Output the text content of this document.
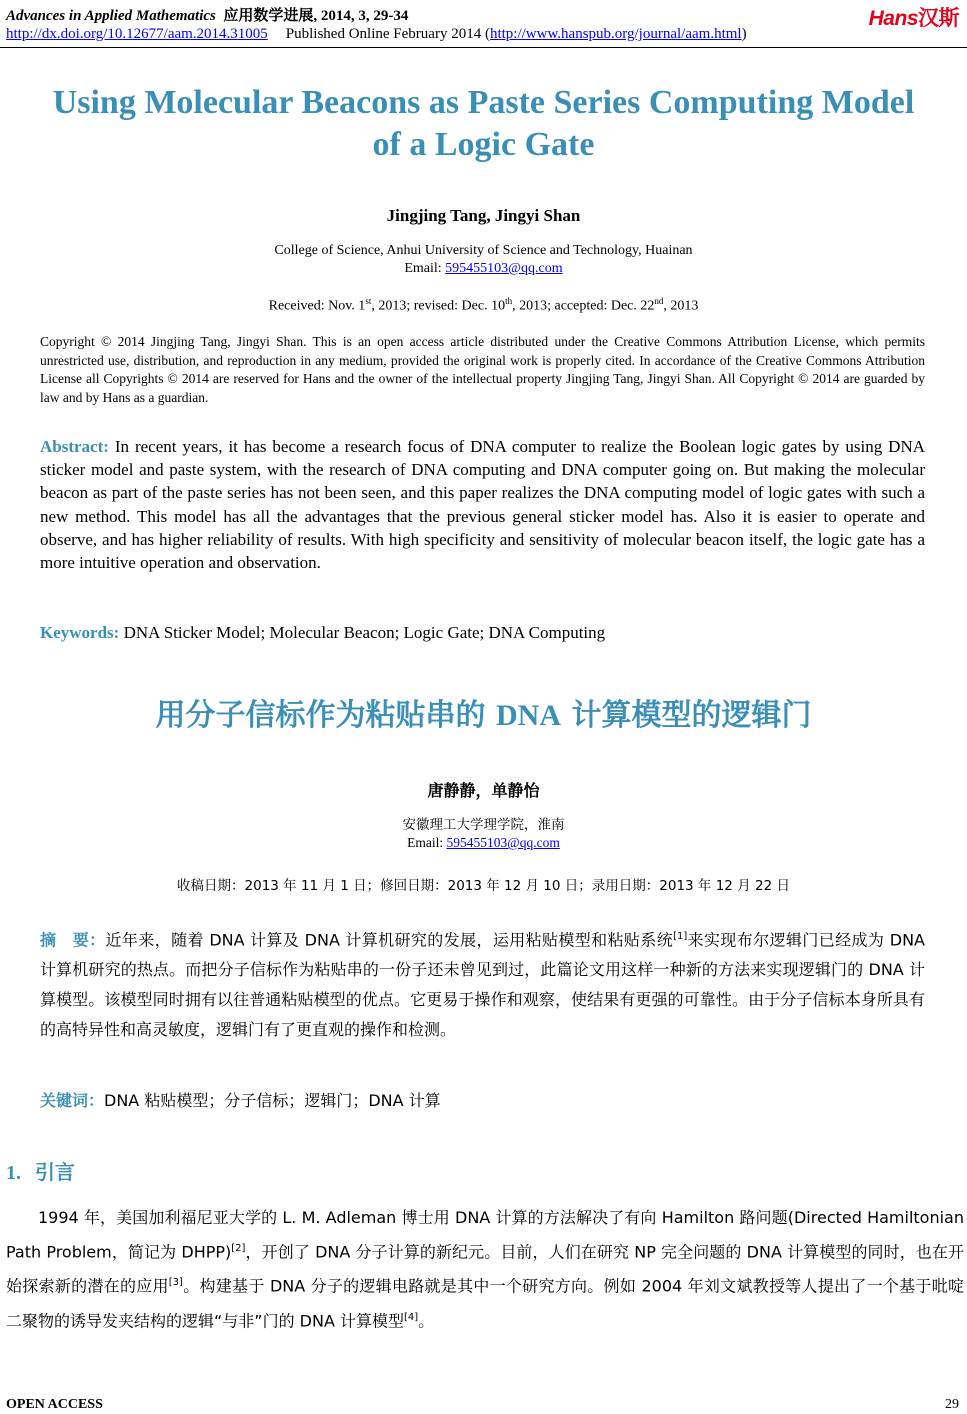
Advances in Applied Mathematics 应用数学进展, 2014, 3, 29-34	Hans汉斯
http://dx.doi.org/10.12677/aam.2014.31005 Published Online February 2014 (http://www.hanspub.org/journal/aam.html)
Using Molecular Beacons as Paste Series Computing Model of a Logic Gate
Jingjing Tang, Jingyi Shan
College of Science, Anhui University of Science and Technology, Huainan
Email: 595455103@qq.com
Received: Nov. 1st, 2013; revised: Dec. 10th, 2013; accepted: Dec. 22nd, 2013
Copyright © 2014 Jingjing Tang, Jingyi Shan. This is an open access article distributed under the Creative Commons Attribution License, which permits unrestricted use, distribution, and reproduction in any medium, provided the original work is properly cited. In accordance of the Creative Commons Attribution License all Copyrights © 2014 are reserved for Hans and the owner of the intellectual property Jingjing Tang, Jingyi Shan. All Copyright © 2014 are guarded by law and by Hans as a guardian.
Abstract: In recent years, it has become a research focus of DNA computer to realize the Boolean logic gates by using DNA sticker model and paste system, with the research of DNA computing and DNA computer going on. But making the molecular beacon as part of the paste series has not been seen, and this paper realizes the DNA computing model of logic gates with such a new method. This model has all the advantages that the previous general sticker model has. Also it is easier to operate and observe, and has higher reliability of results. With high specificity and sensitivity of molecular beacon itself, the logic gate has a more intuitive operation and observation.
Keywords: DNA Sticker Model; Molecular Beacon; Logic Gate; DNA Computing
用分子信标作为粘贴串的 DNA 计算模型的逻辑门
唐静静，单静怡
安徽理工大学理学院，淮南
Email: 595455103@qq.com
收稿日期：2013 年 11 月 1 日；修回日期：2013 年 12 月 10 日；录用日期：2013 年 12 月 22 日
摘　要：近年来，随着 DNA 计算及 DNA 计算机研究的发展，运用粘贴模型和粘贴系统[1]来实现布尔逻辑门已经成为 DNA 计算机研究的热点。而把分子信标作为粘贴串的一份子还未曾见到过，此篇论文用这样一种新的方法来实现逻辑门的 DNA 计算模型。该模型同时拥有以往普通粘贴模型的优点。它更易于操作和观察，使结果有更强的可靠性。由于分子信标本身所具有的高特异性和高灵敏度，逻辑门有了更直观的操作和检测。
关键词：DNA 粘贴模型；分子信标；逻辑门；DNA 计算
1. 引言
1994 年，美国加利福尼亚大学的 L. M. Adleman 博士用 DNA 计算的方法解决了有向 Hamilton 路问题(Directed Hamiltonian Path Problem，简记为 DHPP)[2]，开创了 DNA 分子计算的新纪元。目前，人们在研究 NP 完全问题的 DNA 计算模型的同时，也在开始探索新的潜在的应用[3]。构建基于 DNA 分子的逻辑电路就是其中一个研究方向。例如 2004 年刘文斌教授等人提出了一个基于吡啶二聚物的诱导发夹结构的逻辑“与非”门的 DNA 计算模型[4]。
OPEN ACCESS	29
